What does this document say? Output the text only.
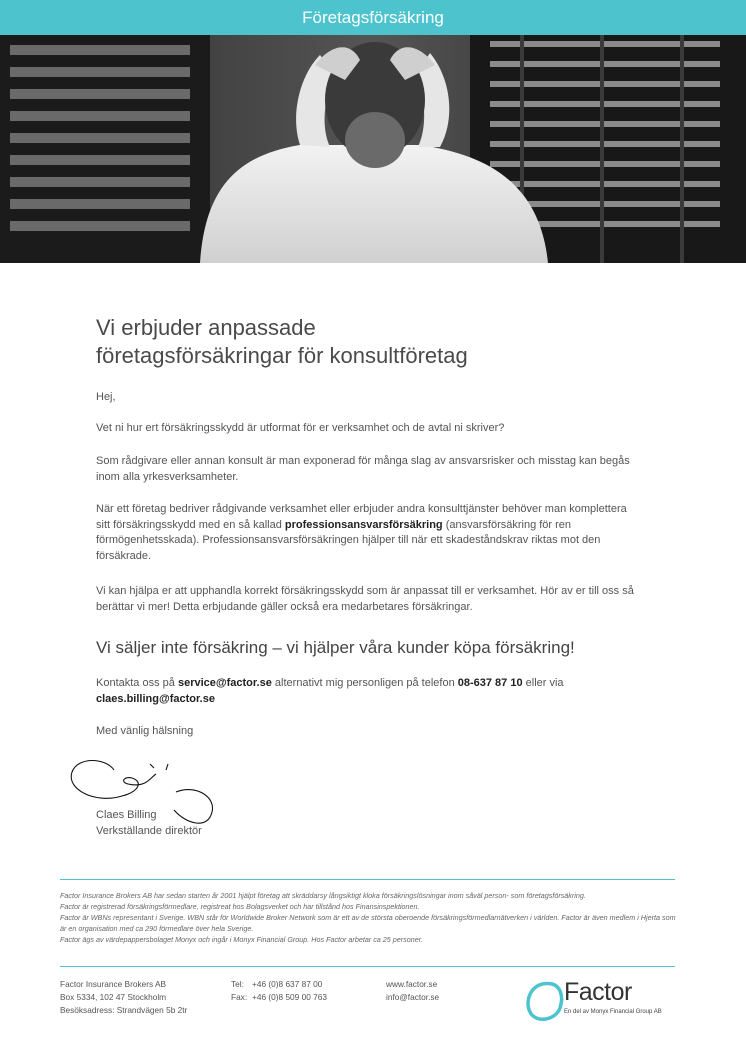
Företagsförsäkring
Vi erbjuder anpassade
företagsförsäkringar för konsultföretag

Hej,

Vet ni hur ert försäkringsskydd är utformat för er verksamhet och de avtal ni skriver?

Som rådgivare eller annan konsult är man exponerad för många slag av ansvarsrisker och misstag kan begås inom alla yrkesverksamheter.

När ett företag bedriver rådgivande verksamhet eller erbjuder andra konsulttjänster behöver man komplettera sitt försäkringsskydd med en så kallad professionsansvarsförsäkring (ansvarsförsäkring för ren förmögenhetsskada). Professionsansvarsförsäkringen hjälper till när ett skadeståndskrav riktas mot den försäkrade.

Vi kan hjälpa er att upphandla korrekt försäkringsskydd som är anpassat till er verksamhet. Hör av er till oss så berättar vi mer! Detta erbjudande gäller också era medarbetares försäkringar.

Vi säljer inte försäkring – vi hjälper våra kunder köpa försäkring!

Kontakta oss på service@factor.se alternativt mig personligen på telefon 08-637 87 10 eller via
claes.billing@factor.se

Med vänlig hälsning

Claes Billing
Verkställande direktör

Factor Insurance Brokers AB har sedan starten år 2001 hjälpt företag att skräddarsy långsiktigt kloka försäkringslösningar inom såväl person- som företagsförsäkring.

Factor är registrerad försäkringsförmedlare, registreat hos Bolagsverket och har tillstånd hos Finansinspektionen.

Factor är WBNs representant i Sverige. WBN står för Worldwide Broker Network som är ett av de största oberoende försäkringsförmedlarnätverken i världen. Factor är även medlem i Hjerta som är en organisation med ca 290 förmedlare över hela Sverige.

Factor ägs av värdepappersbolaget Monyx och ingår i Monyx Financial Group. Hos Factor arbetar ca 25 personer.

Factor Insurance Brokers AB
Box 5334, 102 47 Stockholm
Besöksadress: Strandvägen 5b 2tr
Tel: +46 (0)8 637 87 00
Fax: +46 (0)8 509 00 763
www.factor.se
info@factor.se	Factor
En del av Monyx Financial Group AB
